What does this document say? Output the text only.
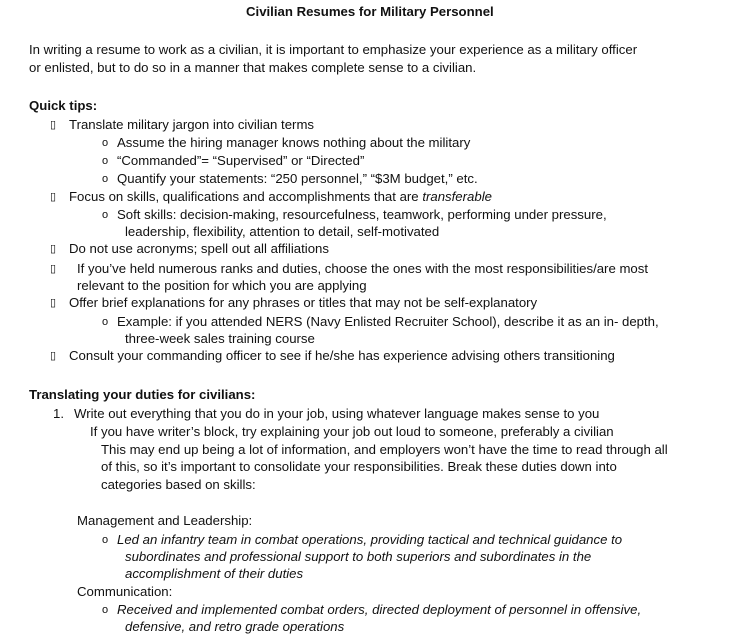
Civilian Resumes for Military Personnel
In writing a resume to work as a civilian, it is important to emphasize your experience as a military officer
or enlisted, but to do so in a manner that makes complete sense to a civilian.
Quick tips:
▯ Translate military jargon into civilian terms
o Assume the hiring manager knows nothing about the military
o “Commanded”= “Supervised” or “Directed”
o Quantify your statements: “250 personnel,” “$3M budget,” etc.
▯ Focus on skills, qualifications and accomplishments that are transferable
o Soft skills: decision-making, resourcefulness, teamwork, performing under pressure,
leadership, flexibility, attention to detail, self-motivated
▯ Do not use acronyms; spell out all affiliations
▯ If you’ve held numerous ranks and duties, choose the ones with the most responsibilities/are most
relevant to the position for which you are applying
▯ Offer brief explanations for any phrases or titles that may not be self-explanatory
o Example: if you attended NERS (Navy Enlisted Recruiter School), describe it as an in- depth,
three-week sales training course
▯ Consult your commanding officer to see if he/she has experience advising others transitioning
Translating your duties for civilians:
1. Write out everything that you do in your job, using whatever language makes sense to you
If you have writer’s block, try explaining your job out loud to someone, preferably a civilian
This may end up being a lot of information, and employers won’t have the time to read through all
of this, so it’s important to consolidate your responsibilities. Break these duties down into
categories based on skills:
Management and Leadership:
o Led an infantry team in combat operations, providing tactical and technical guidance to
subordinates and professional support to both superiors and subordinates in the
accomplishment of their duties
Communication:
o Received and implemented combat orders, directed deployment of personnel in offensive,
defensive, and retro grade operations
